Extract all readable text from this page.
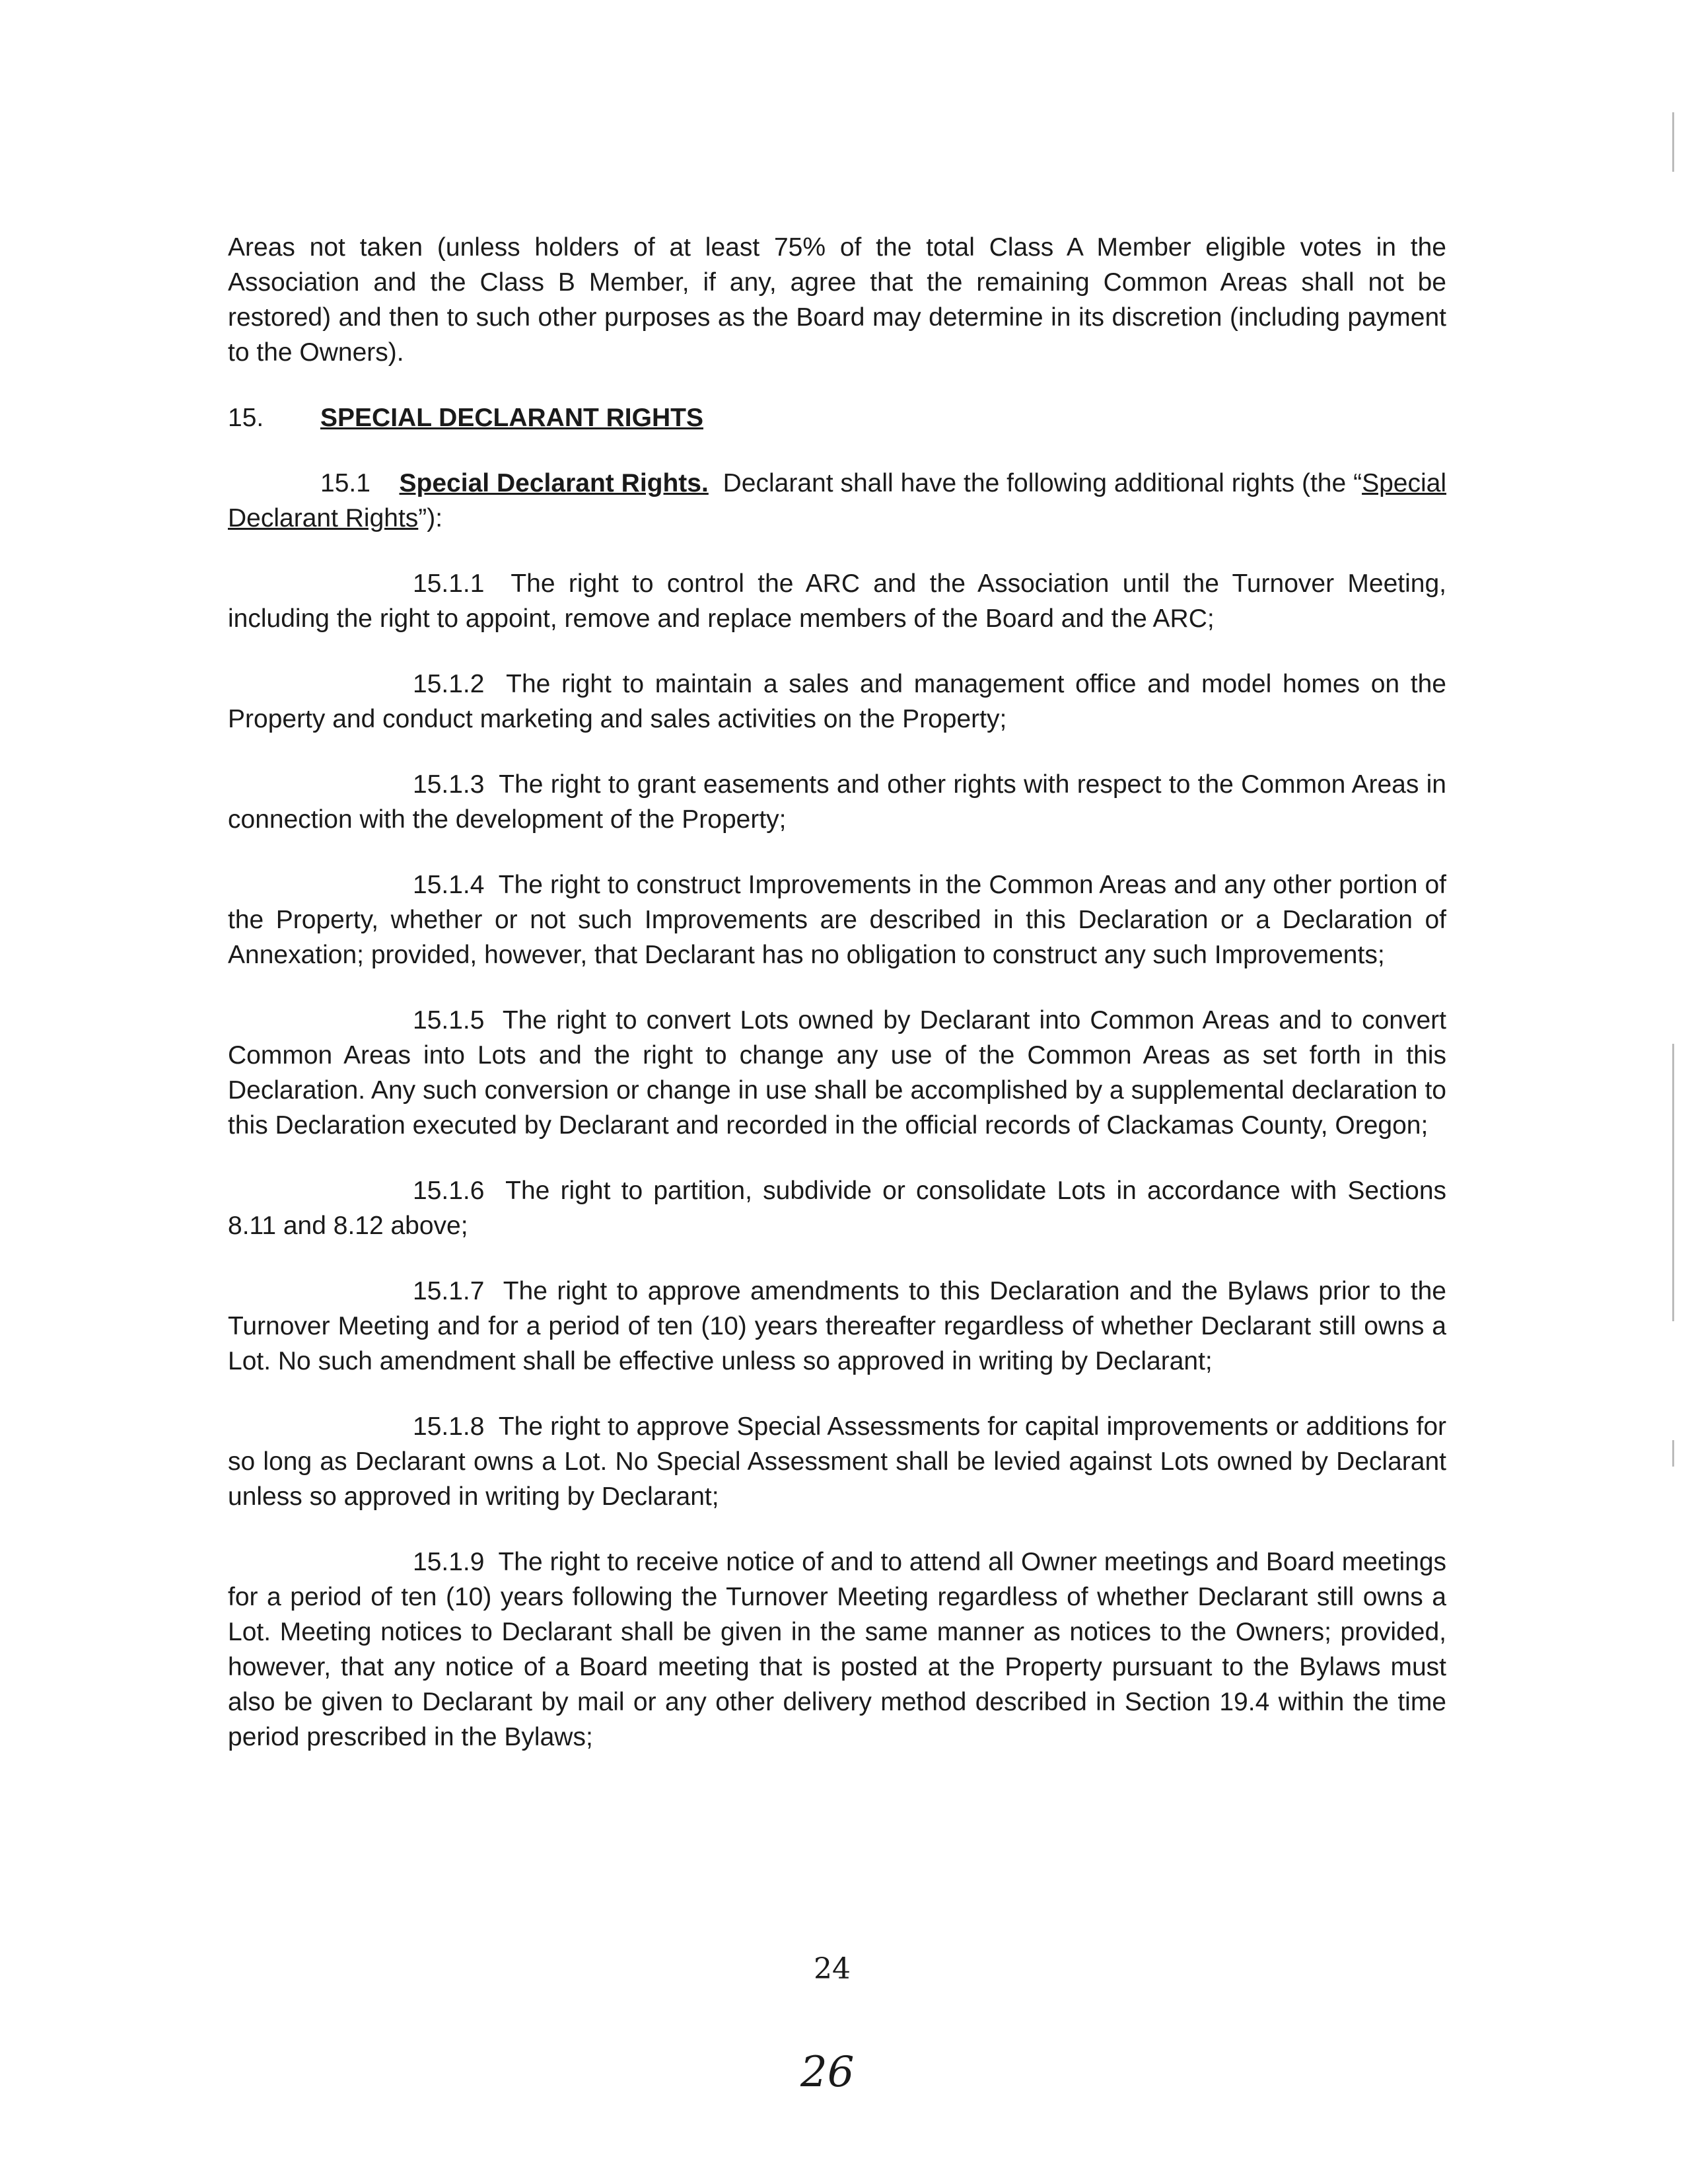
Areas not taken (unless holders of at least 75% of the total Class A Member eligible votes in the Association and the Class B Member, if any, agree that the remaining Common Areas shall not be restored) and then to such other purposes as the Board may determine in its discretion (including payment to the Owners).

15. SPECIAL DECLARANT RIGHTS

15.1 Special Declarant Rights. Declarant shall have the following additional rights (the “Special Declarant Rights”):

15.1.1 The right to control the ARC and the Association until the Turnover Meeting, including the right to appoint, remove and replace members of the Board and the ARC;

15.1.2 The right to maintain a sales and management office and model homes on the Property and conduct marketing and sales activities on the Property;

15.1.3 The right to grant easements and other rights with respect to the Common Areas in connection with the development of the Property;

15.1.4 The right to construct Improvements in the Common Areas and any other portion of the Property, whether or not such Improvements are described in this Declaration or a Declaration of Annexation; provided, however, that Declarant has no obligation to construct any such Improvements;

15.1.5 The right to convert Lots owned by Declarant into Common Areas and to convert Common Areas into Lots and the right to change any use of the Common Areas as set forth in this Declaration. Any such conversion or change in use shall be accomplished by a supplemental declaration to this Declaration executed by Declarant and recorded in the official records of Clackamas County, Oregon;

15.1.6 The right to partition, subdivide or consolidate Lots in accordance with Sections 8.11 and 8.12 above;

15.1.7 The right to approve amendments to this Declaration and the Bylaws prior to the Turnover Meeting and for a period of ten (10) years thereafter regardless of whether Declarant still owns a Lot. No such amendment shall be effective unless so approved in writing by Declarant;

15.1.8 The right to approve Special Assessments for capital improvements or additions for so long as Declarant owns a Lot. No Special Assessment shall be levied against Lots owned by Declarant unless so approved in writing by Declarant;

15.1.9 The right to receive notice of and to attend all Owner meetings and Board meetings for a period of ten (10) years following the Turnover Meeting regardless of whether Declarant still owns a Lot. Meeting notices to Declarant shall be given in the same manner as notices to the Owners; provided, however, that any notice of a Board meeting that is posted at the Property pursuant to the Bylaws must also be given to Declarant by mail or any other delivery method described in Section 19.4 within the time period prescribed in the Bylaws;

24
26
